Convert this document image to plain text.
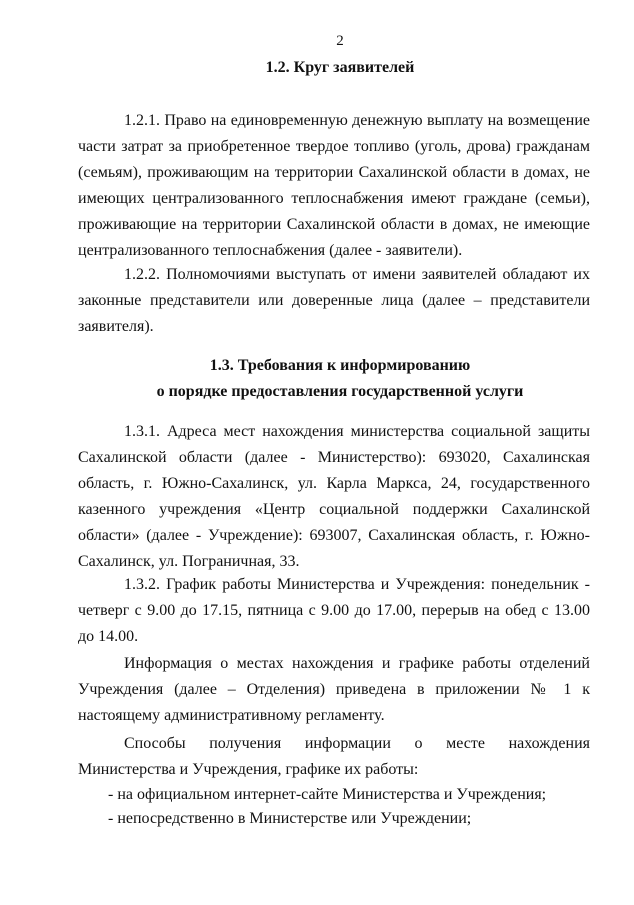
2
1.2. Круг заявителей

1.2.1. Право на единовременную денежную выплату на возмещение части затрат за приобретенное твердое топливо (уголь, дрова) гражданам (семьям), проживающим на территории Сахалинской области в домах, не имеющих централизованного теплоснабжения имеют граждане (семьи), проживающие на территории Сахалинской области в домах, не имеющие централизованного теплоснабжения (далее - заявители).

1.2.2. Полномочиями выступать от имени заявителей обладают их законные представители или доверенные лица (далее – представители заявителя).

1.3. Требования к информированию
о порядке предоставления государственной услуги

1.3.1. Адреса мест нахождения министерства социальной защиты Сахалинской области (далее - Министерство): 693020, Сахалинская область, г. Южно-Сахалинск, ул. Карла Маркса, 24, государственного казенного учреждения «Центр социальной поддержки Сахалинской области» (далее - Учреждение): 693007, Сахалинская область, г. Южно-Сахалинск, ул. Пограничная, 33.

1.3.2. График работы Министерства и Учреждения: понедельник - четверг с 9.00 до 17.15, пятница с 9.00 до 17.00, перерыв на обед с 13.00 до 14.00.

Информация о местах нахождения и графике работы отделений Учреждения (далее – Отделения) приведена в приложении № 1 к настоящему административному регламенту.

Способы получения информации о месте нахождения Министерства и Учреждения, графике их работы:

- на официальном интернет-сайте Министерства и Учреждения;

- непосредственно в Министерстве или Учреждении;
